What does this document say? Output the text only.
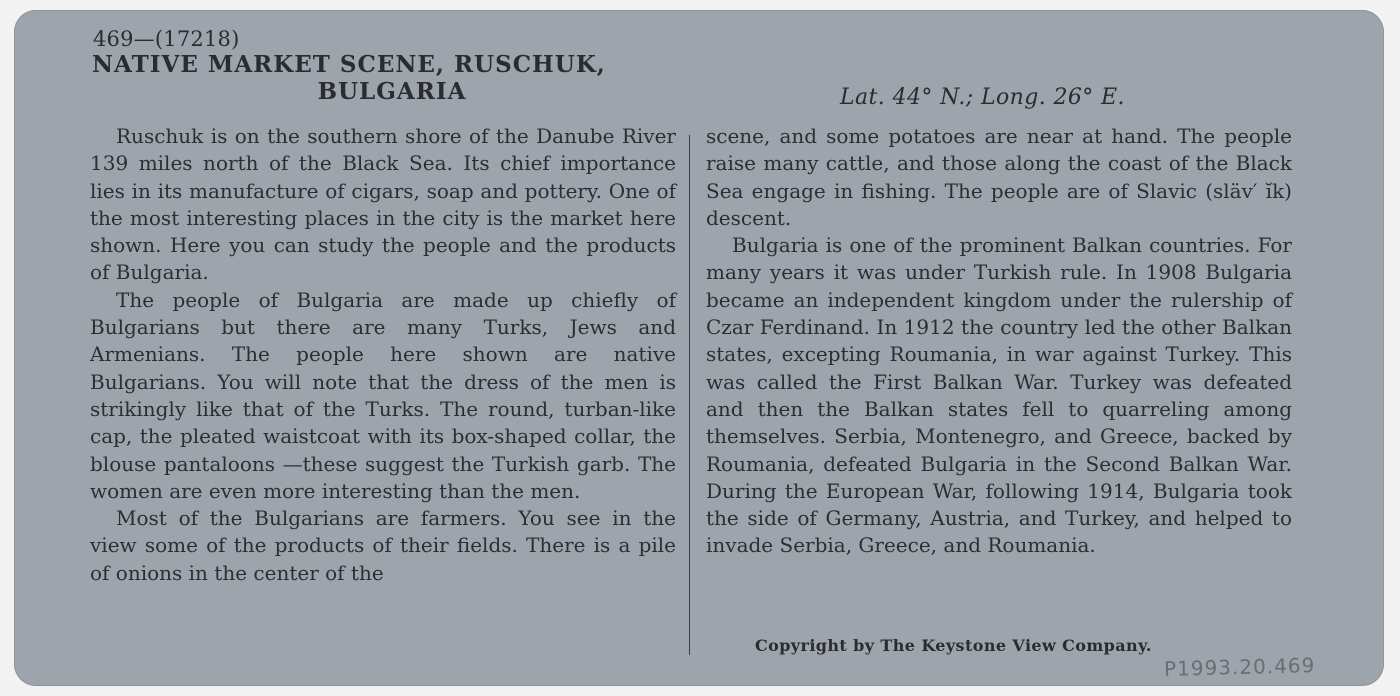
469—(17218)
NATIVE MARKET SCENE, RUSCHUK,
BULGARIA	Lat. 44° N.; Long. 26° E.

Ruschuk is on the southern shore of the Danube River 139 miles north of the Black Sea. Its chief importance lies in its manufacture of cigars, soap and pottery. One of the most interesting places in the city is the market here shown. Here you can study the people and the products of Bulgaria.

The people of Bulgaria are made up chiefly of Bulgarians but there are many Turks, Jews and Armenians. The people here shown are native Bulgarians. You will note that the dress of the men is strikingly like that of the Turks. The round, turban-like cap, the pleated waistcoat with its box-shaped collar, the blouse pantaloons —these suggest the Turkish garb. The women are even more interesting than the men.

Most of the Bulgarians are farmers. You see in the view some of the products of their fields. There is a pile of onions in the center of the

scene, and some potatoes are near at hand. The people raise many cattle, and those along the coast of the Black Sea engage in fishing. The people are of Slavic (släv′ ĭk) descent.

Bulgaria is one of the prominent Balkan countries. For many years it was under Turkish rule. In 1908 Bulgaria became an independent kingdom under the rulership of Czar Ferdinand. In 1912 the country led the other Balkan states, excepting Roumania, in war against Turkey. This was called the First Balkan War. Turkey was defeated and then the Balkan states fell to quarreling among themselves. Serbia, Montenegro, and Greece, backed by Roumania, defeated Bulgaria in the Second Balkan War. During the European War, following 1914, Bulgaria took the side of Germany, Austria, and Turkey, and helped to invade Serbia, Greece, and Roumania.

Copyright by The Keystone View Company.
P1993.20.469
